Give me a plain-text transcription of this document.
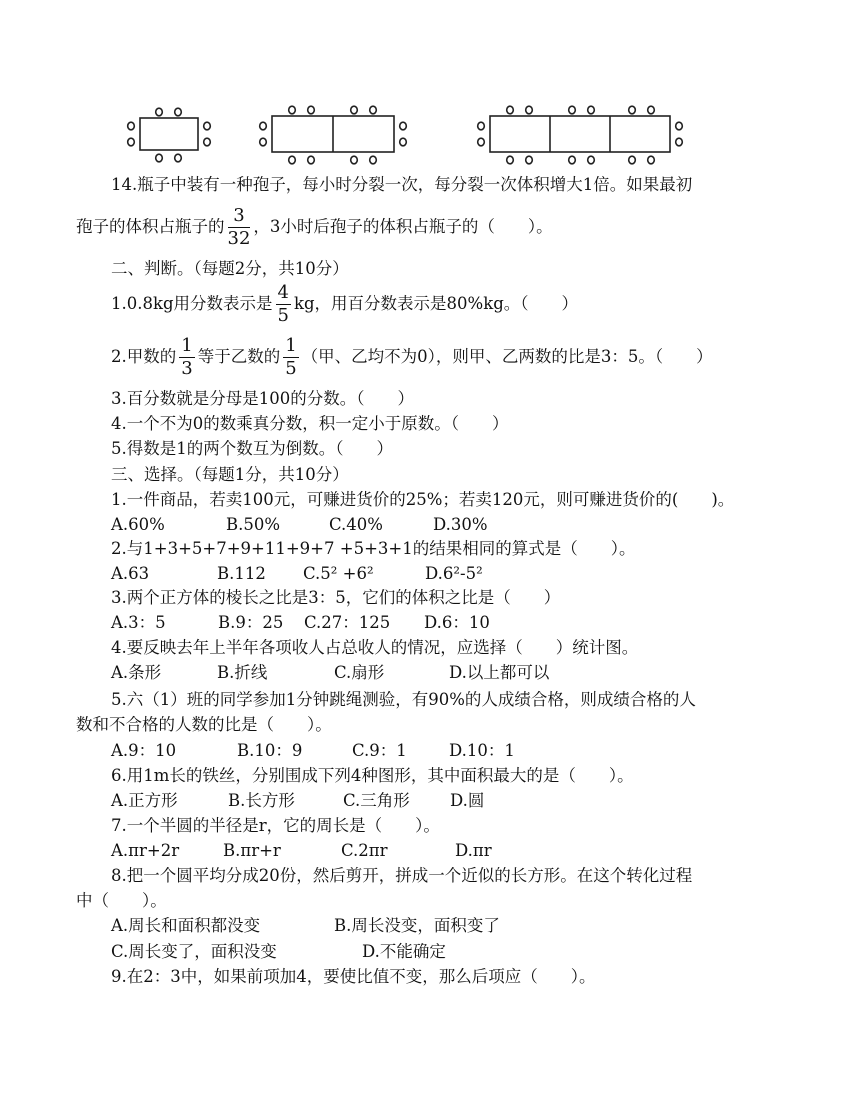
14.瓶子中装有一种孢子，每小时分裂一次，每分裂一次体积增大1倍。如果最初
孢子的体积占瓶子的 $\frac{3}{32}$ ，3小时后孢子的体积占瓶子的（　　）。
二、判断。（每题2分，共10分）
1.0.8kg用分数表示是 $\frac{4}{5}$ kg，用百分数表示是80%kg。（　　）
2.甲数的 $\frac{1}{3}$ 等于乙数的 $\frac{1}{5}$ （甲、乙均不为0），则甲、乙两数的比是3：5。（　　）
3.百分数就是分母是100的分数。（　　）
4.一个不为0的数乘真分数，积一定小于原数。（　　）
5.得数是1的两个数互为倒数。（　　）
三、选择。（每题1分，共10分）
1.一件商品，若卖100元，可赚进货价的25%；若卖120元，则可赚进货价的(　　)。
A.60%	B.50%	C.40%	D.30%
2.与1+3+5+7+9+11+9+7 +5+3+1的结果相同的算式是（　　）。
A.63	B.112 C.5² +6²	D.6²-5²
3.两个正方体的棱长之比是3：5，它们的体积之比是（　　）
A.3：5	B.9：25 C.27：125 D.6：10
4.要反映去年上半年各项收人占总收人的情况，应选择（　　）统计图。
A.条形	B.折线	C.扇形	D.以上都可以
5.六（1）班的同学参加1分钟跳绳测验，有90%的人成绩合格，则成绩合格的人
数和不合格的人数的比是（　　）。
A.9：10	B.10：9	C.9：1	D.10：1
6.用1m长的铁丝，分别围成下列4种图形，其中面积最大的是（　　）。
A.正方形	B.长方形	C.三角形 D.圆
7.一个半圆的半径是r，它的周长是（　　）。
A.πr+2r	B.πr+r	C.2πr	D.πr
8.把一个圆平均分成20份，然后剪开，拼成一个近似的长方形。在这个转化过程
中（　　）。
A.周长和面积都没变	B.周长没变，面积变了
C.周长变了，面积没变	D.不能确定
9.在2：3中，如果前项加4，要使比值不变，那么后项应（　　）。
